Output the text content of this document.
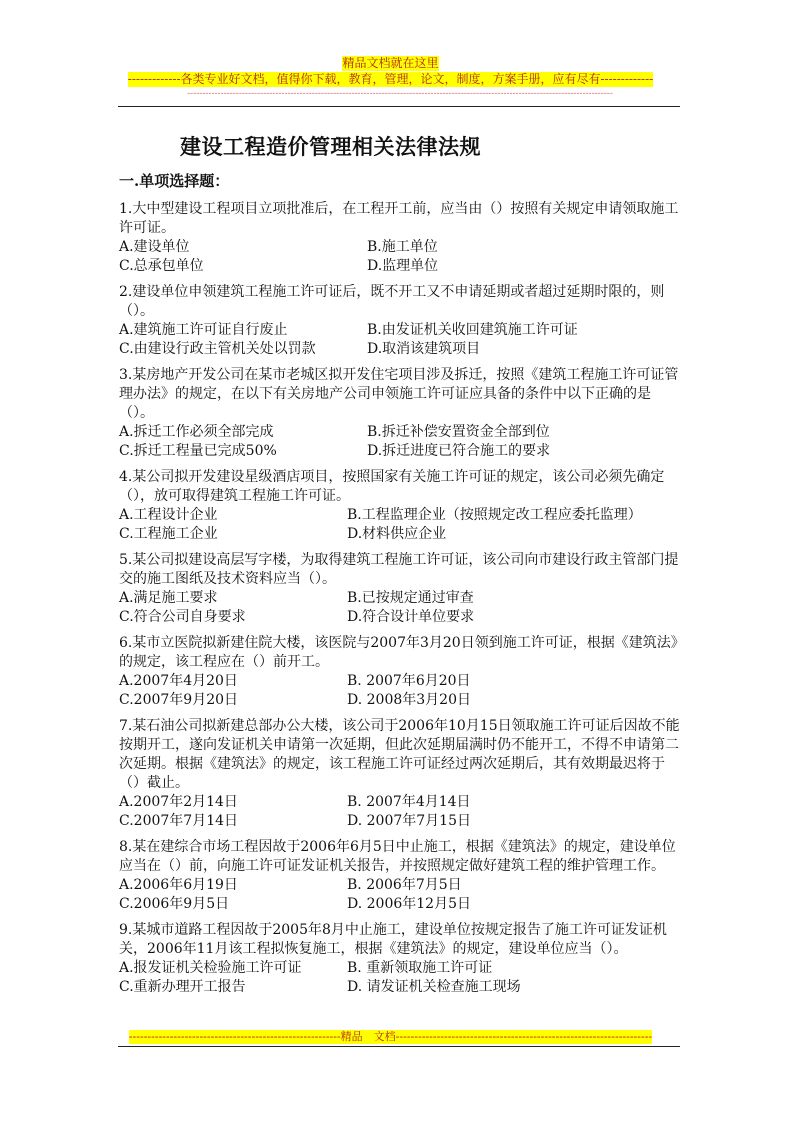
精品文档就在这里
-------------各类专业好文档，值得你下载，教育，管理，论文，制度，方案手册，应有尽有-------------
--------------------------------------------------------------------------------------------------------------------------------------------
建设工程造价管理相关法律法规
一.单项选择题：

1.大中型建设工程项目立项批准后，在工程开工前，应当由（）按照有关规定申请领取施工许可证。

A.建设单位	B.施工单位
C.总承包单位	D.监理单位

2.建设单位申领建筑工程施工许可证后，既不开工又不申请延期或者超过延期时限的，则（）。

A.建筑施工许可证自行废止	B.由发证机关收回建筑施工许可证
C.由建设行政主管机关处以罚款	D.取消该建筑项目

3.某房地产开发公司在某市老城区拟开发住宅项目涉及拆迁，按照《建筑工程施工许可证管理办法》的规定，在以下有关房地产公司申领施工许可证应具备的条件中以下正确的是（）。

A.拆迁工作必须全部完成	B.拆迁补偿安置资金全部到位
C.拆迁工程量已完成50%	D.拆迁进度已符合施工的要求

4.某公司拟开发建设星级酒店项目，按照国家有关施工许可证的规定，该公司必须先确定（），放可取得建筑工程施工许可证。

A.工程设计企业	B.工程监理企业（按照规定改工程应委托监理）
C.工程施工企业	D.材料供应企业

5.某公司拟建设高层写字楼，为取得建筑工程施工许可证，该公司向市建设行政主管部门提交的施工图纸及技术资料应当（）。

A.满足施工要求	B.已按规定通过审查
C.符合公司自身要求	D.符合设计单位要求

6.某市立医院拟新建住院大楼，该医院与2007年3月20日领到施工许可证，根据《建筑法》的规定，该工程应在（）前开工。

A.2007年4月20日	B. 2007年6月20日
C.2007年9月20日	D. 2008年3月20日

7.某石油公司拟新建总部办公大楼，该公司于2006年10月15日领取施工许可证后因故不能按期开工，遂向发证机关申请第一次延期，但此次延期届满时仍不能开工，不得不申请第二次延期。根据《建筑法》的规定，该工程施工许可证经过两次延期后，其有效期最迟将于（）截止。

A.2007年2月14日	B. 2007年4月14日
C.2007年7月14日	D. 2007年7月15日

8.某在建综合市场工程因故于2006年6月5日中止施工，根据《建筑法》的规定，建设单位应当在（）前，向施工许可证发证机关报告，并按照规定做好建筑工程的维护管理工作。

A.2006年6月19日	B. 2006年7月5日
C.2006年9月5日	D. 2006年12月5日

9.某城市道路工程因故于2005年8月中止施工，建设单位按规定报告了施工许可证发证机关，2006年11月该工程拟恢复施工，根据《建筑法》的规定，建设单位应当（）。

A.报发证机关检验施工许可证	B. 重新领取施工许可证
C.重新办理开工报告	D. 请发证机关检查施工现场
---------------------------------------------------------精品　文档---------------------------------------------------------------------
